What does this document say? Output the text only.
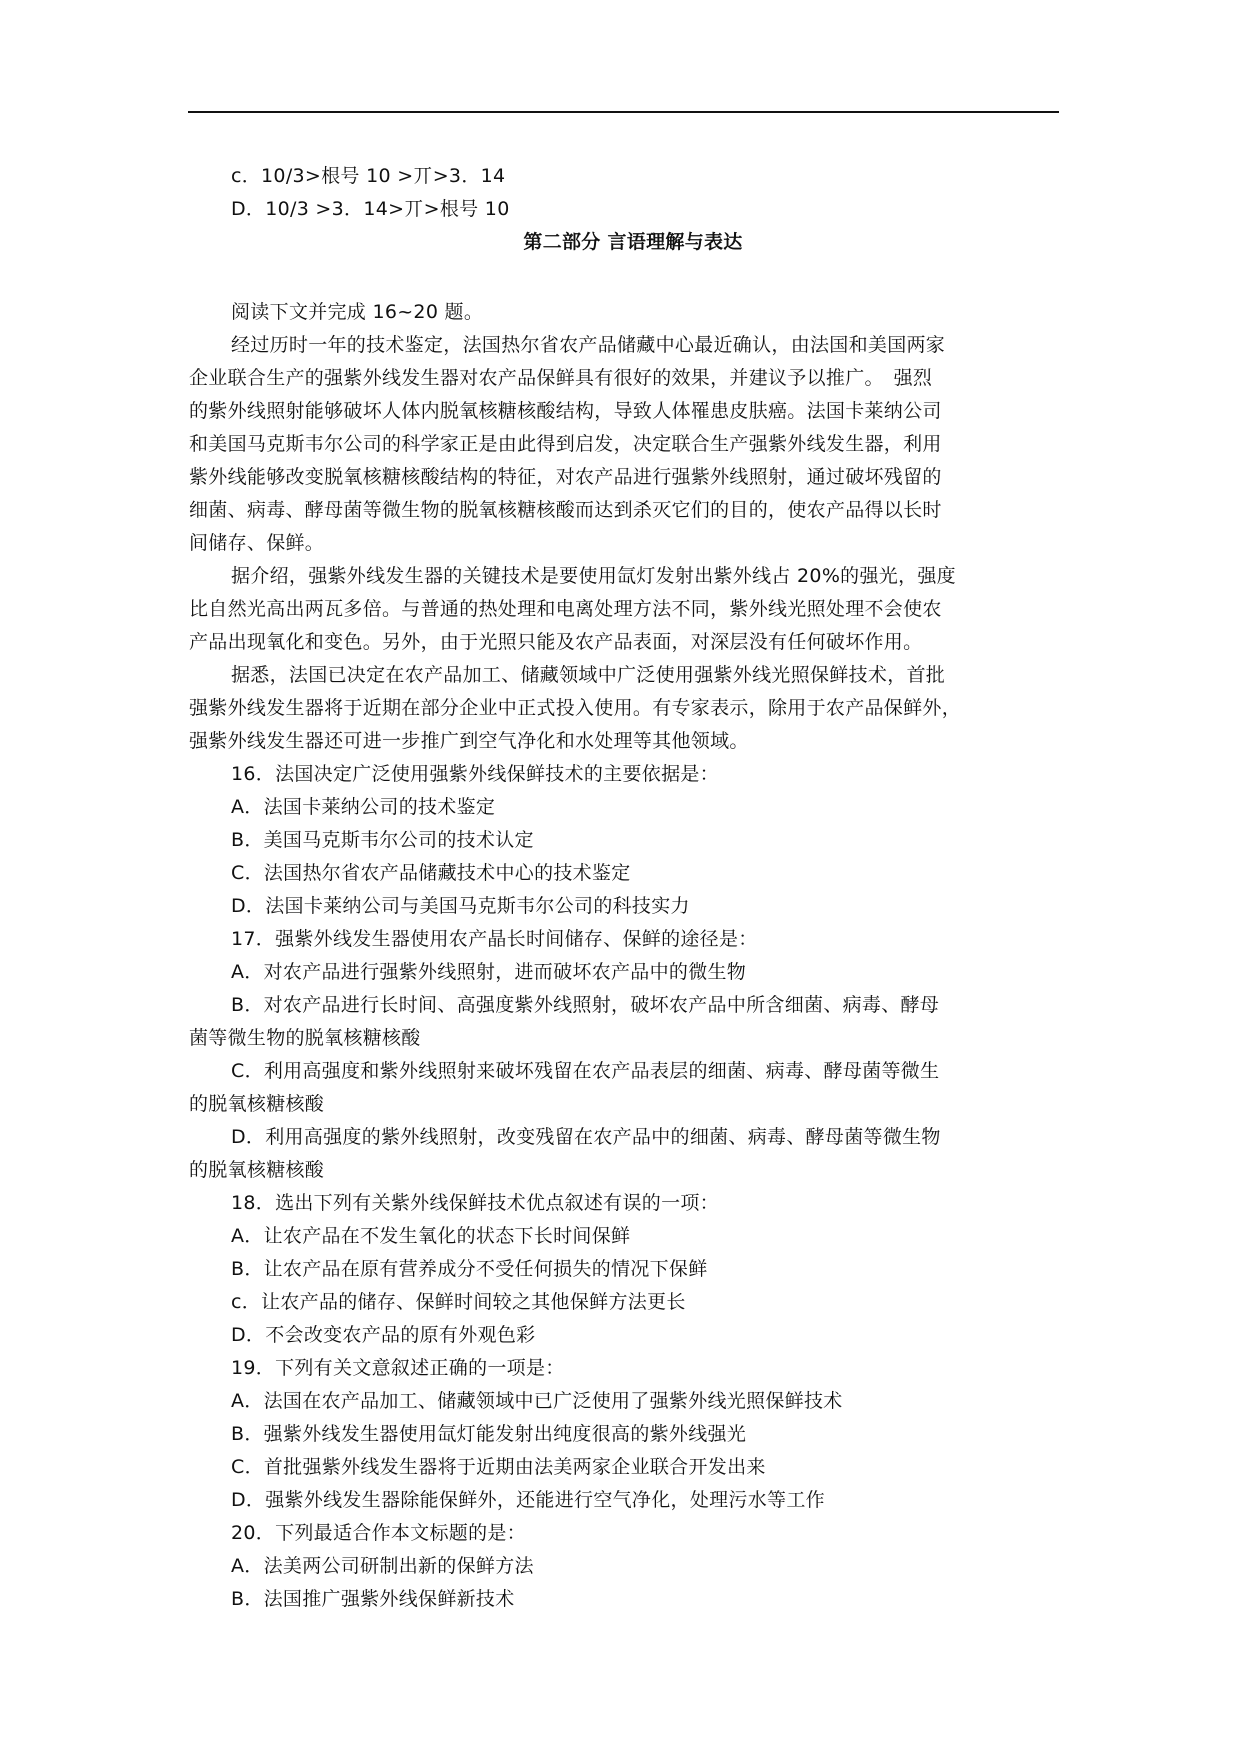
c．10/3>根号 10 >丌>3．14
D．10/3 >3．14>丌>根号 10
第二部分 言语理解与表达
阅读下文并完成 16~20 题。
经过历时一年的技术鉴定，法国热尔省农产品储藏中心最近确认，由法国和美国两家
企业联合生产的强紫外线发生器对农产品保鲜具有很好的效果，并建议予以推广。　强烈
的紫外线照射能够破坏人体内脱氧核糖核酸结构，导致人体罹患皮肤癌。法国卡莱纳公司
和美国马克斯韦尔公司的科学家正是由此得到启发，决定联合生产强紫外线发生器，利用
紫外线能够改变脱氧核糖核酸结构的特征，对农产品进行强紫外线照射，通过破坏残留的
细菌、病毒、酵母菌等微生物的脱氧核糖核酸而达到杀灭它们的目的，使农产品得以长时
间储存、保鲜。
据介绍，强紫外线发生器的关键技术是要使用氙灯发射出紫外线占 20%的强光，强度
比自然光高出两瓦多倍。与普通的热处理和电离处理方法不同，紫外线光照处理不会使农
产品出现氧化和变色。另外，由于光照只能及农产品表面，对深层没有任何破坏作用。
据悉，法国已决定在农产品加工、储藏领域中广泛使用强紫外线光照保鲜技术，首批
强紫外线发生器将于近期在部分企业中正式投入使用。有专家表示，除用于农产品保鲜外，
强紫外线发生器还可进一步推广到空气净化和水处理等其他领域。
16．法国决定广泛使用强紫外线保鲜技术的主要依据是：
A．法国卡莱纳公司的技术鉴定
B．美国马克斯韦尔公司的技术认定
C．法国热尔省农产品储藏技术中心的技术鉴定
D．法国卡莱纳公司与美国马克斯韦尔公司的科技实力
17．强紫外线发生器使用农产晶长时间储存、保鲜的途径是：
A．对农产品进行强紫外线照射，进而破坏农产品中的微生物
B．对农产品进行长时间、高强度紫外线照射，破坏农产品中所含细菌、病毒、酵母
菌等微生物的脱氧核糖核酸
C．利用高强度和紫外线照射来破坏残留在农产品表层的细菌、病毒、酵母菌等微生
的脱氧核糖核酸
D．利用高强度的紫外线照射，改变残留在农产品中的细菌、病毒、酵母菌等微生物
的脱氧核糖核酸
18．选出下列有关紫外线保鲜技术优点叙述有误的一项：
A．让农产品在不发生氧化的状态下长时间保鲜
B．让农产品在原有营养成分不受任何损失的情况下保鲜
c．让农产品的储存、保鲜时间较之其他保鲜方法更长
D．不会改变农产品的原有外观色彩
19．下列有关文意叙述正确的一项是：
A．法国在农产品加工、储藏领域中已广泛使用了强紫外线光照保鲜技术
B．强紫外线发生器使用氙灯能发射出纯度很高的紫外线强光
C．首批强紫外线发生器将于近期由法美两家企业联合开发出来
D．强紫外线发生器除能保鲜外，还能进行空气净化，处理污水等工作
20．下列最适合作本文标题的是：
A．法美两公司研制出新的保鲜方法
B．法国推广强紫外线保鲜新技术
